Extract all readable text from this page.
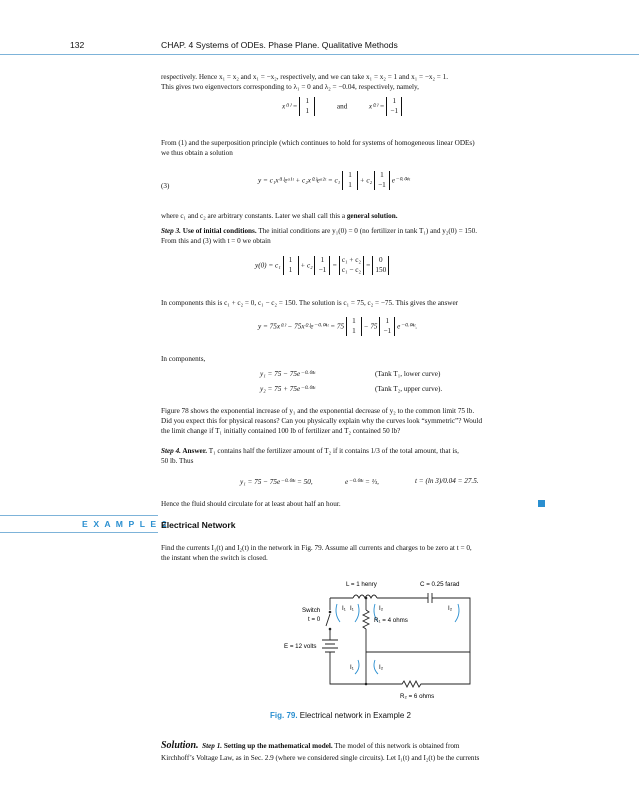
132	CHAP. 4 Systems of ODEs. Phase Plane. Qualitative Methods
respectively. Hence x₁ = x₂ and x₁ = −x₂, respectively, and we can take x₁ = x₂ = 1 and x₁ = −x₂ = 1.
This gives two eigenvectors corresponding to λ₁ = 0 and λ₂ = −0.04, respectively, namely,
x⁽¹⁾ =
1
1
and	x⁽²⁾ =
1
−1
From (1) and the superposition principle (which continues to hold for systems of homogeneous linear ODEs)
we thus obtain a solution
(3)
y = c₁x⁽¹⁾eᵃ¹ᵗ + c₂x⁽²⁾eᵃ²ᵗ = c₁
1
1
+ c₂
1
−1
e⁻⁰·⁰⁴ᵗ
where c₁ and c₂ are arbitrary constants. Later we shall call this a general solution.
Step 3. Use of initial conditions. The initial conditions are y₁(0) = 0 (no fertilizer in tank T₁) and y₂(0) = 150.
From this and (3) with t = 0 we obtain
y(0) = c₁
1
1
+ c₂
1
−1
=
c₁ + c₂
c₁ − c₂
=
0
150
In components this is c₁ + c₂ = 0, c₁ − c₂ = 150. The solution is c₁ = 75, c₂ = −75. This gives the answer
y = 75x⁽¹⁾ − 75x⁽²⁾e⁻⁰·⁰⁴ᵗ = 75
1
1
− 75
1
−1
e⁻⁰·⁰⁴ᵗ.
In components,
y₁ = 75 − 75e⁻⁰·⁰⁴ᵗ	(Tank T₁, lower curve)
y₂ = 75 + 75e⁻⁰·⁰⁴ᵗ	(Tank T₂, upper curve).
Figure 78 shows the exponential increase of y₁ and the exponential decrease of y₂ to the common limit 75 lb.
Did you expect this for physical reasons? Can you physically explain why the curves look “symmetric”? Would
the limit change if T₁ initially contained 100 lb of fertilizer and T₂ contained 50 lb?
Step 4. Answer. T₁ contains half the fertilizer amount of T₂ if it contains 1/3 of the total amount, that is,
50 lb. Thus
y₁ = 75 − 75e⁻⁰·⁰⁴ᵗ = 50,	e⁻⁰·⁰⁴ᵗ = ⅓,	t = (ln 3)/0.04 = 27.5.
Hence the fluid should circulate for at least about half an hour.
E X A M P L E 2
Electrical Network
Find the currents I₁(t) and I₂(t) in the network in Fig. 79. Assume all currents and charges to be zero at t = 0,
the instant when the switch is closed.
L = 1 henry	C = 0.25 farad
Switch
t = 0
E = 12 volts
R₁ = 4 ohms
R₂ = 6 ohms
I₁ I₁	I₂	I₂
I₁	I₂
Fig. 79. Electrical network in Example 2
Solution. Step 1. Setting up the mathematical model. The model of this network is obtained from
Kirchhoff’s Voltage Law, as in Sec. 2.9 (where we considered single circuits). Let I₁(t) and I₂(t) be the currents
